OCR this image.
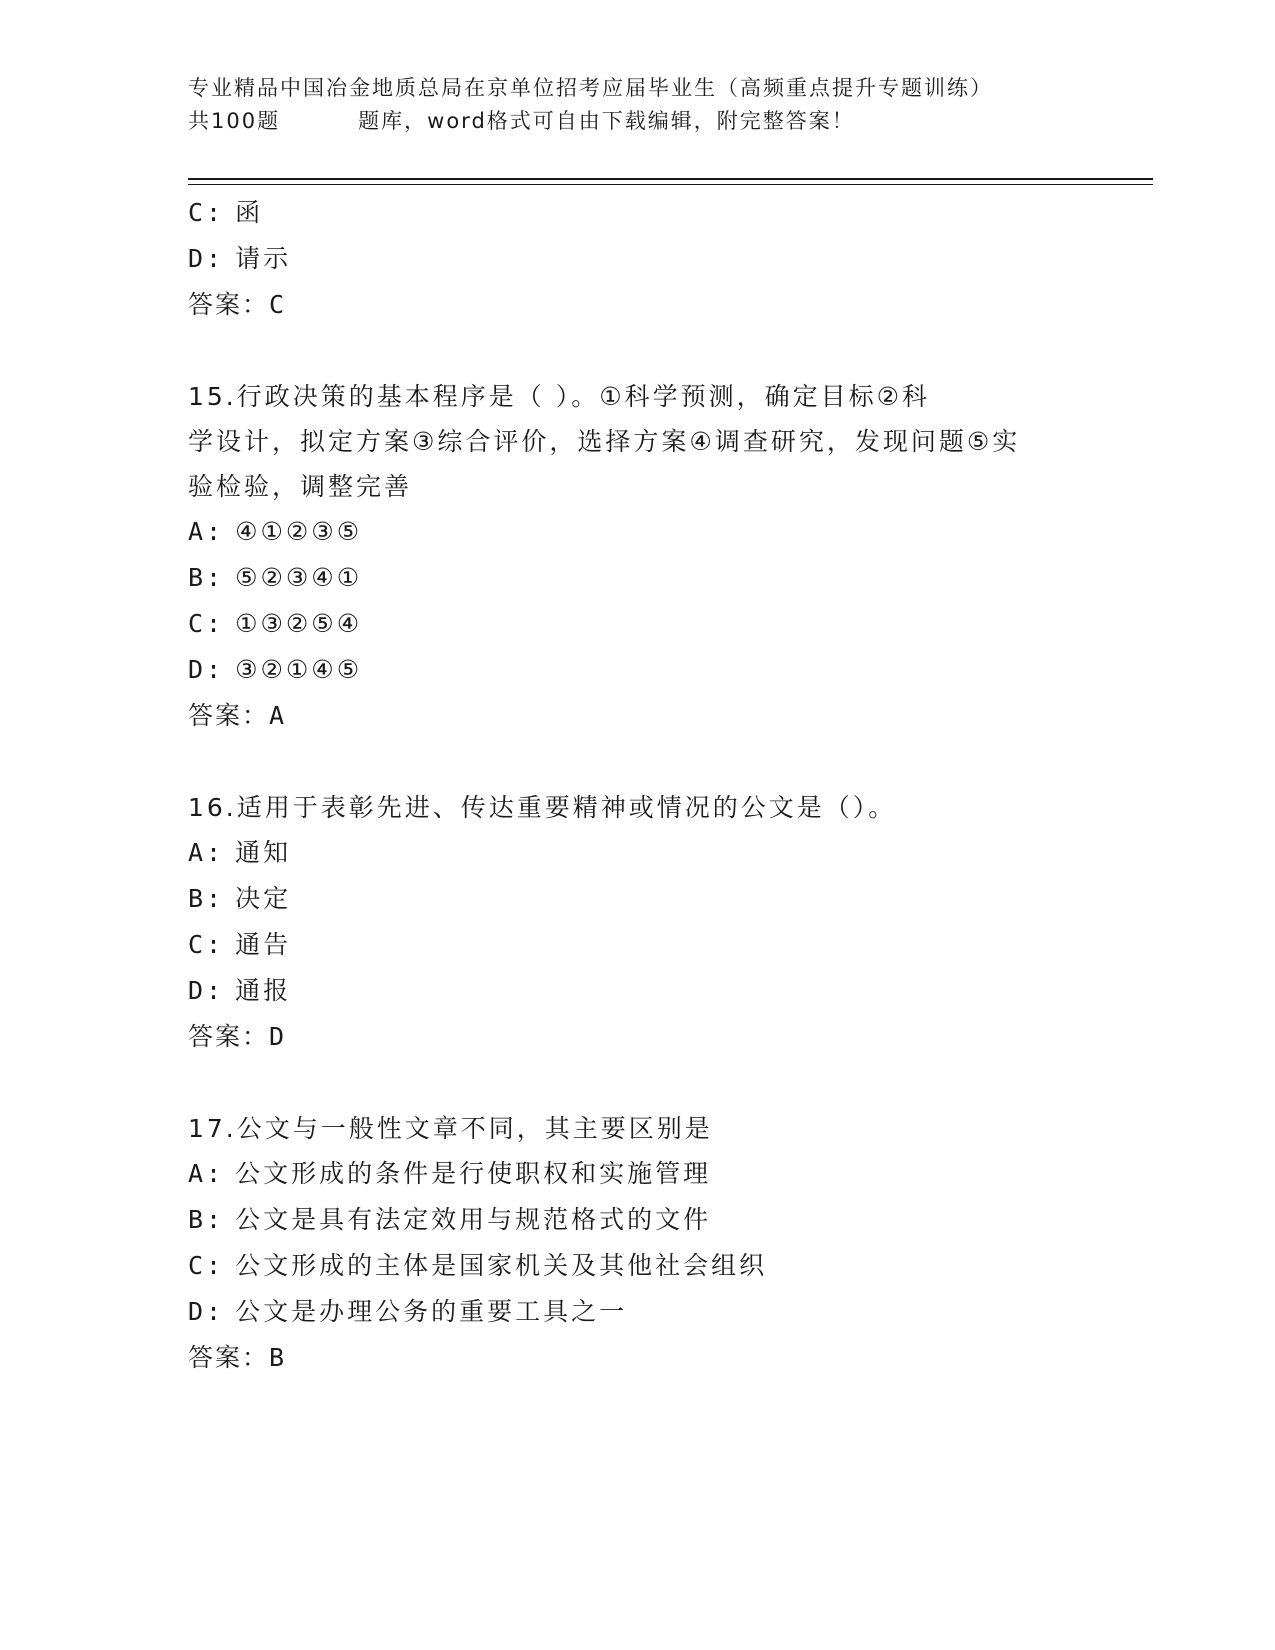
专业精品中国冶金地质总局在京单位招考应届毕业生（高频重点提升专题训练）
共100题         题库，word格式可自由下载编辑，附完整答案！
C: 函
D: 请示
答案：C
15.行政决策的基本程序是（ ）。①科学预测，确定目标②科
学设计，拟定方案③综合评价，选择方案④调查研究，发现问题⑤实
验检验，调整完善
A: ④①②③⑤
B: ⑤②③④①
C: ①③②⑤④
D: ③②①④⑤
答案：A
16.适用于表彰先进、传达重要精神或情况的公文是（）。
A: 通知
B: 决定
C: 通告
D: 通报
答案：D
17.公文与一般性文章不同，其主要区别是
A: 公文形成的条件是行使职权和实施管理
B: 公文是具有法定效用与规范格式的文件
C: 公文形成的主体是国家机关及其他社会组织
D: 公文是办理公务的重要工具之一
答案：B
